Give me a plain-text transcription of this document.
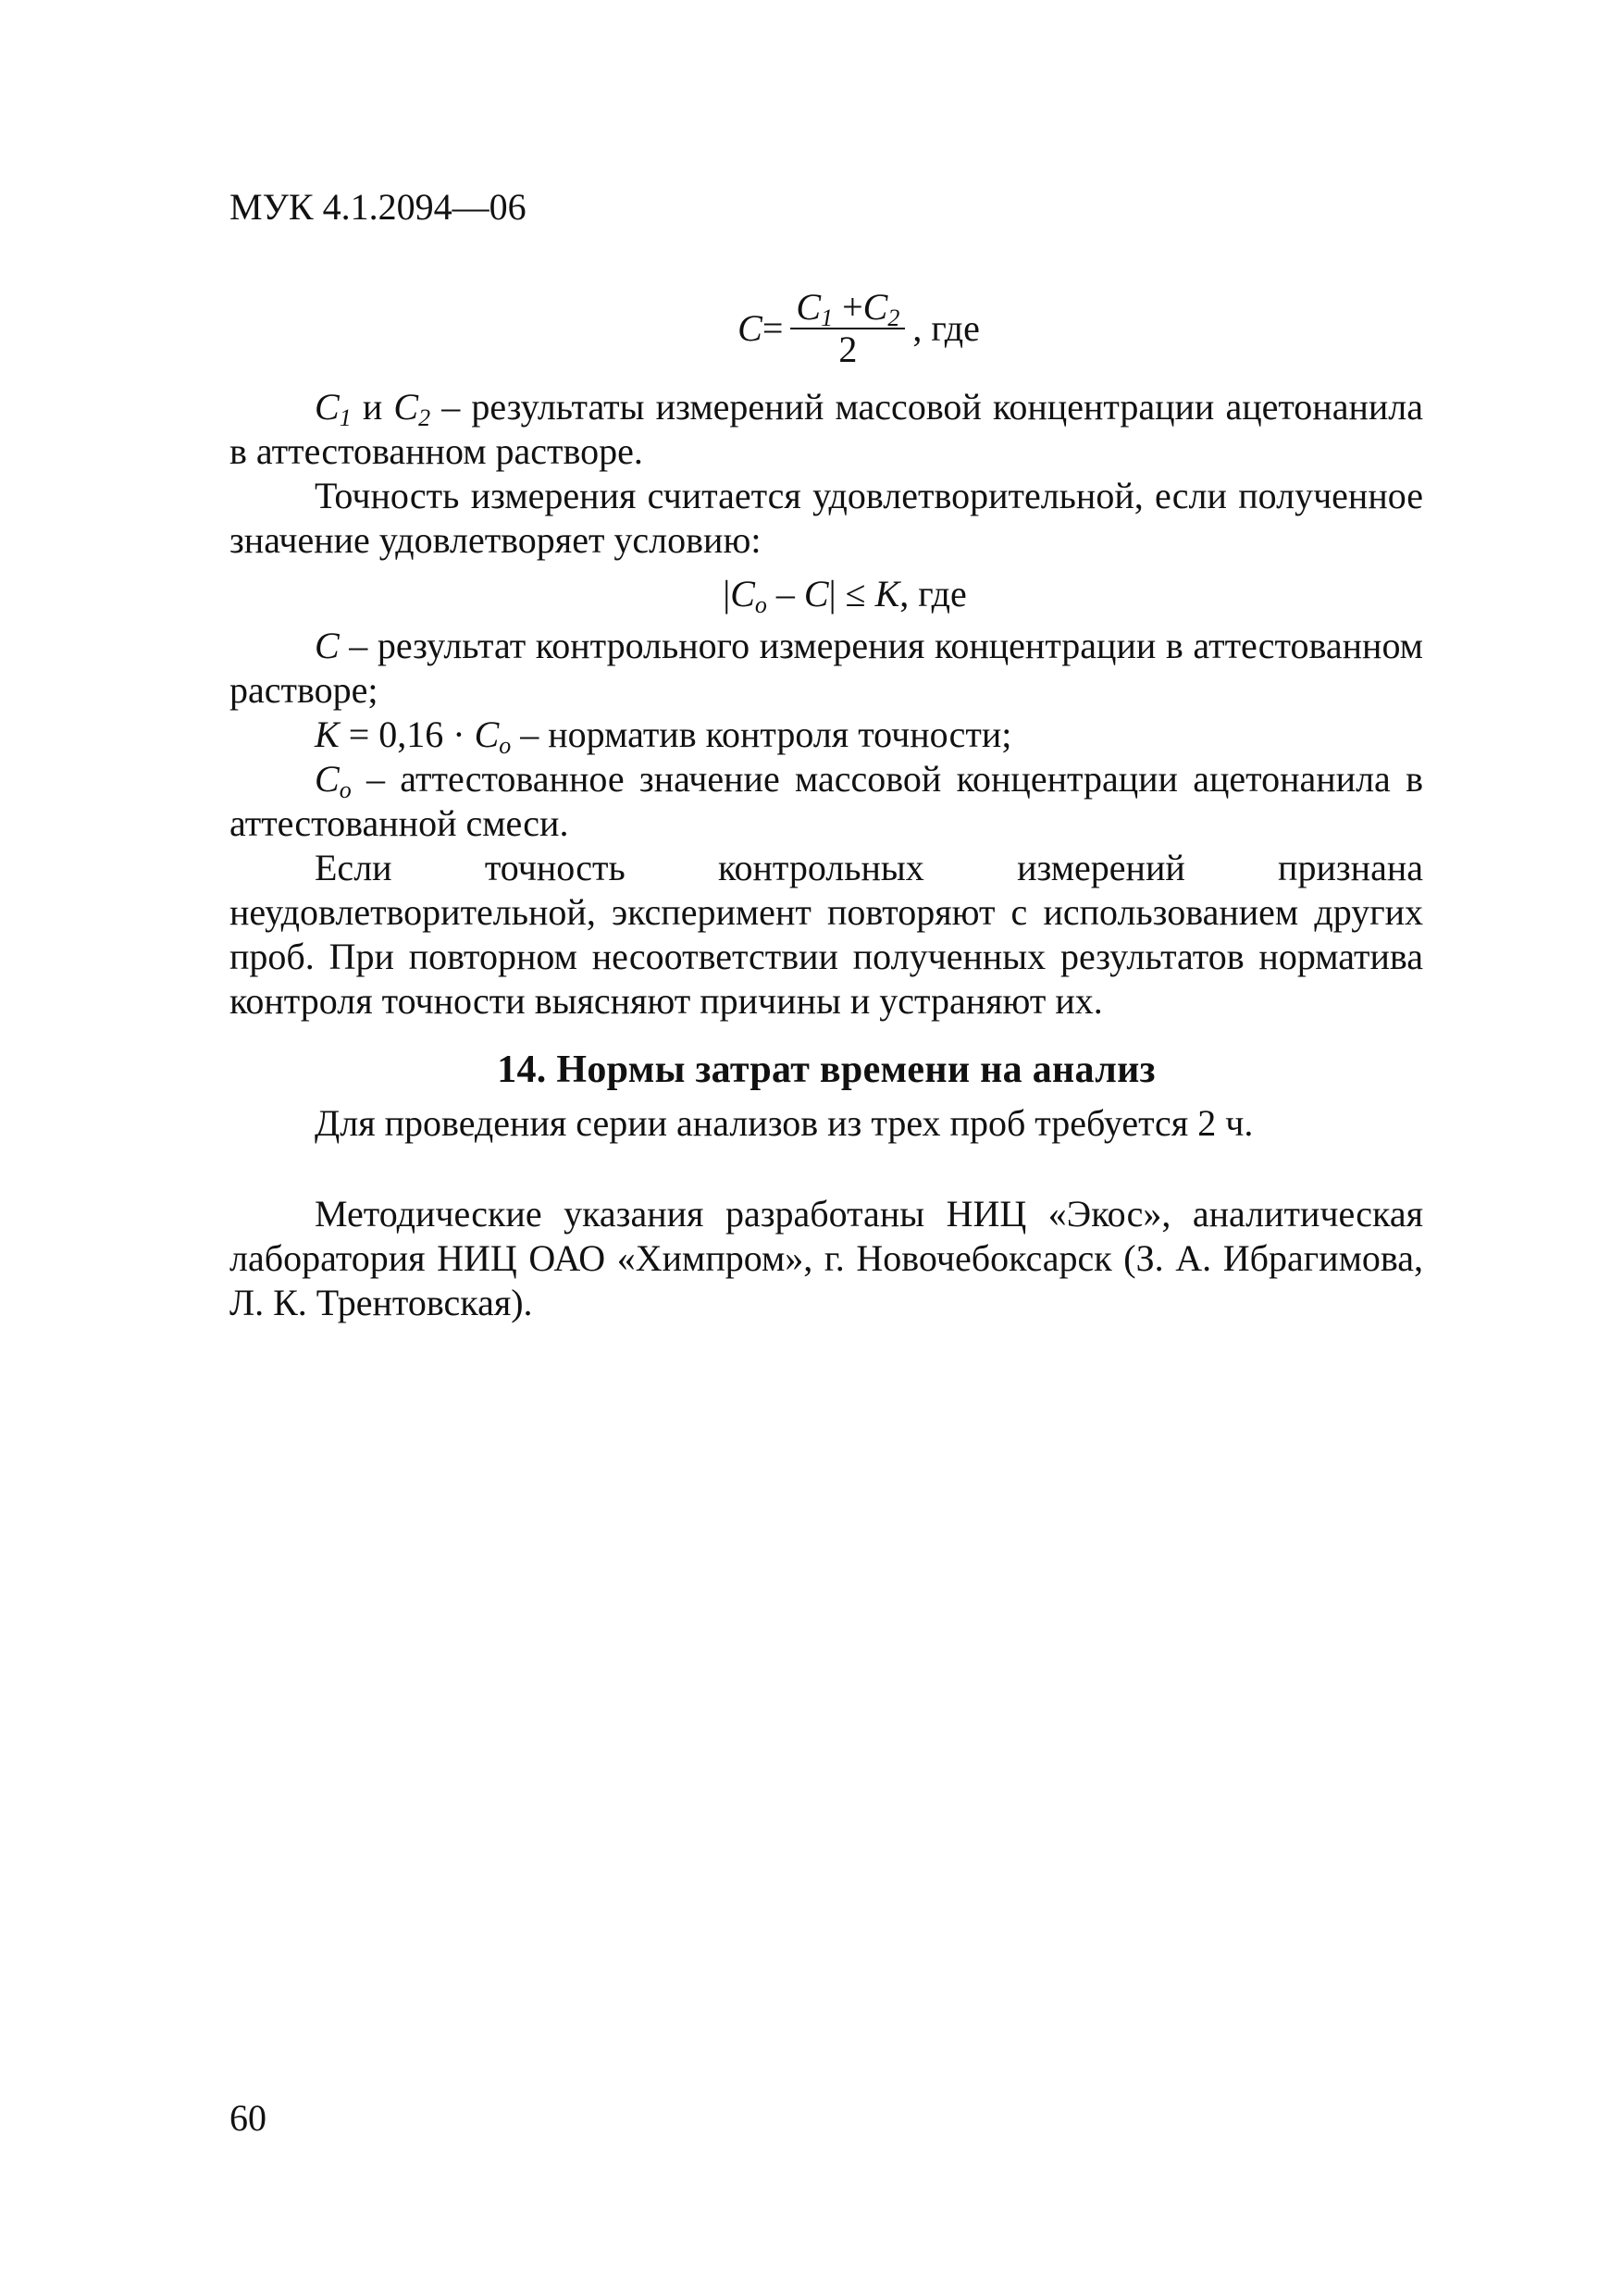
МУК 4.1.2094—06
$C = \frac{C_1 +C_2}{2}$ , где

$C_1$ и $C_2$ – результаты измерений массовой концентрации ацетонанила в аттестованном растворе.

Точность измерения считается удовлетворительной, если полученное значение удовлетворяет условию:

$|C_o - C| \le K$, где

C – результат контрольного измерения концентрации в аттестованном растворе;

$K = 0,16 \cdot C_o$ – норматив контроля точности;

$C_o$ – аттестованное значение массовой концентрации ацетонанила в аттестованной смеси.

Если точность контрольных измерений признана неудовлетворительной, эксперимент повторяют с использованием других проб. При повторном несоответствии полученных результатов норматива контроля точности выясняют причины и устраняют их.

14. Нормы затрат времени на анализ

Для проведения серии анализов из трех проб требуется 2 ч.

Методические указания разработаны НИЦ «Экос», аналитическая лаборатория НИЦ ОАО «Химпром», г. Новочебоксарск (З. А. Ибрагимова, Л. К. Трентовская).

60
